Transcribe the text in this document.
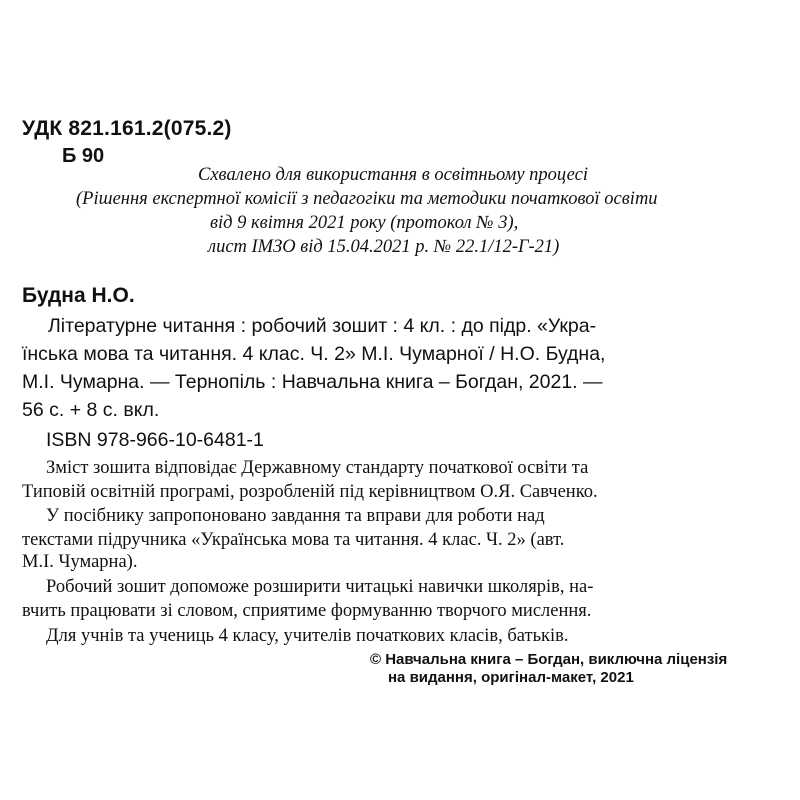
УДК 821.161.2(075.2)
Б 90
Схвалено для використання в освітньому процесі
(Рішення експертної комісії з педагогіки та методики початкової освіти
від 9 квітня 2021 року (протокол № 3),
лист ІМЗО від 15.04.2021 р. № 22.1/12-Г-21)
Будна Н.О.
Літературне читання : робочий зошит : 4 кл. : до підр. «Укра-
їнська мова та читання. 4 клас. Ч. 2» М.І. Чумарної / Н.О. Будна,
М.І. Чумарна. — Тернопіль : Навчальна книга – Богдан, 2021. —
56 с. + 8 с. вкл.
ISBN 978-966-10-6481-1
Зміст зошита відповідає Державному стандарту початкової освіти та
Типовій освітній програмі, розробленій під керівництвом О.Я. Савченко.
У посібнику запропоновано завдання та вправи для роботи над
текстами підручника «Українська мова та читання. 4 клас. Ч. 2» (авт.
М.І. Чумарна).
Робочий зошит допоможе розширити читацькі навички школярів, на-
вчить працювати зі словом, сприятиме формуванню творчого мислення.
Для учнів та учениць 4 класу, учителів початкових класів, батьків.
© Навчальна книга – Богдан, виключна ліцензія
на видання, оригінал-макет, 2021
